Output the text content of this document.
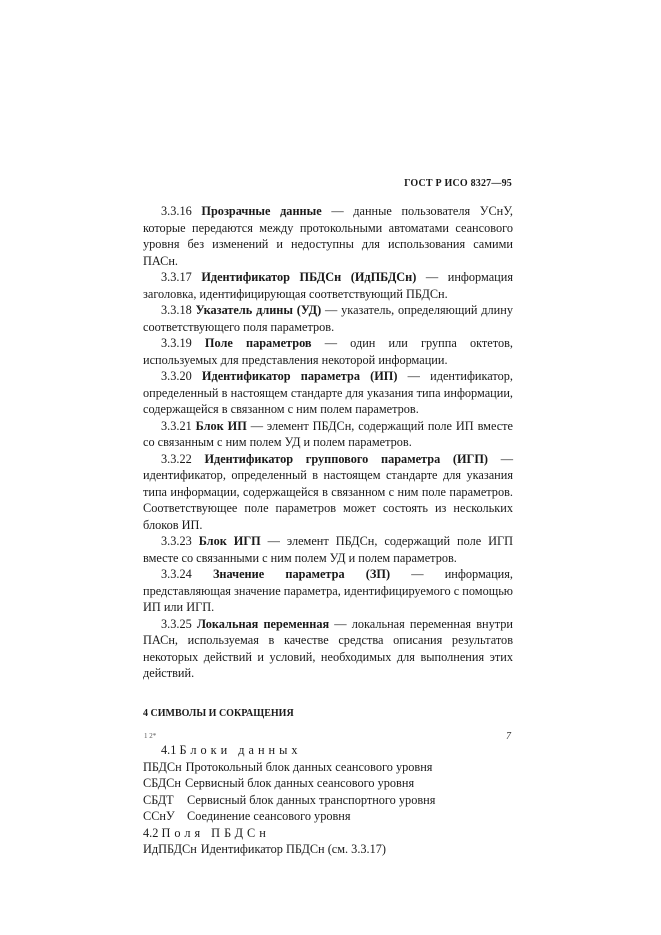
ГОСТ Р ИСО 8327—95

3.3.16 Прозрачные данные — данные пользователя УСнУ, которые передаются между протокольными автоматами сеансового уровня без изменений и недоступны для использования самими ПАСн.

3.3.17 Идентификатор ПБДСн (ИдПБДСн) — информация заголовка, идентифицирующая соответствующий ПБДСн.

3.3.18 Указатель длины (УД) — указатель, определяющий длину соответствующего поля параметров.

3.3.19 Поле параметров — один или группа октетов, используемых для представления некоторой информации.

3.3.20 Идентификатор параметра (ИП) — идентификатор, определенный в настоящем стандарте для указания типа информации, содержащейся в связанном с ним полем параметров.

3.3.21 Блок ИП — элемент ПБДСн, содержащий поле ИП вместе со связанным с ним полем УД и полем параметров.

3.3.22 Идентификатор группового параметра (ИГП) — идентификатор, определенный в настоящем стандарте для указания типа информации, содержащейся в связанном с ним поле параметров. Соответствующее поле параметров может состоять из нескольких блоков ИП.

3.3.23 Блок ИГП — элемент ПБДСн, содержащий поле ИГП вместе со связанными с ним полем УД и полем параметров.

3.3.24 Значение параметра (ЗП) — информация, представляющая значение параметра, идентифицируемого с помощью ИП или ИГП.

3.3.25 Локальная переменная — локальная переменная внутри ПАСн, используемая в качестве средства описания результатов некоторых действий и условий, необходимых для выполнения этих действий.

4 СИМВОЛЫ И СОКРАЩЕНИЯ

4.1 Блоки данных

ПБДСн Протокольный блок данных сеансового уровня

СБДСн Сервисный блок данных сеансового уровня

СБДТ	Сервисный блок данных транспортного уровня

ССнУ Соединение сеансового уровня

4.2 Поля ПБДСн

ИдПБДСн Идентификатор ПБДСн (см. 3.3.17)

1 2*	7
